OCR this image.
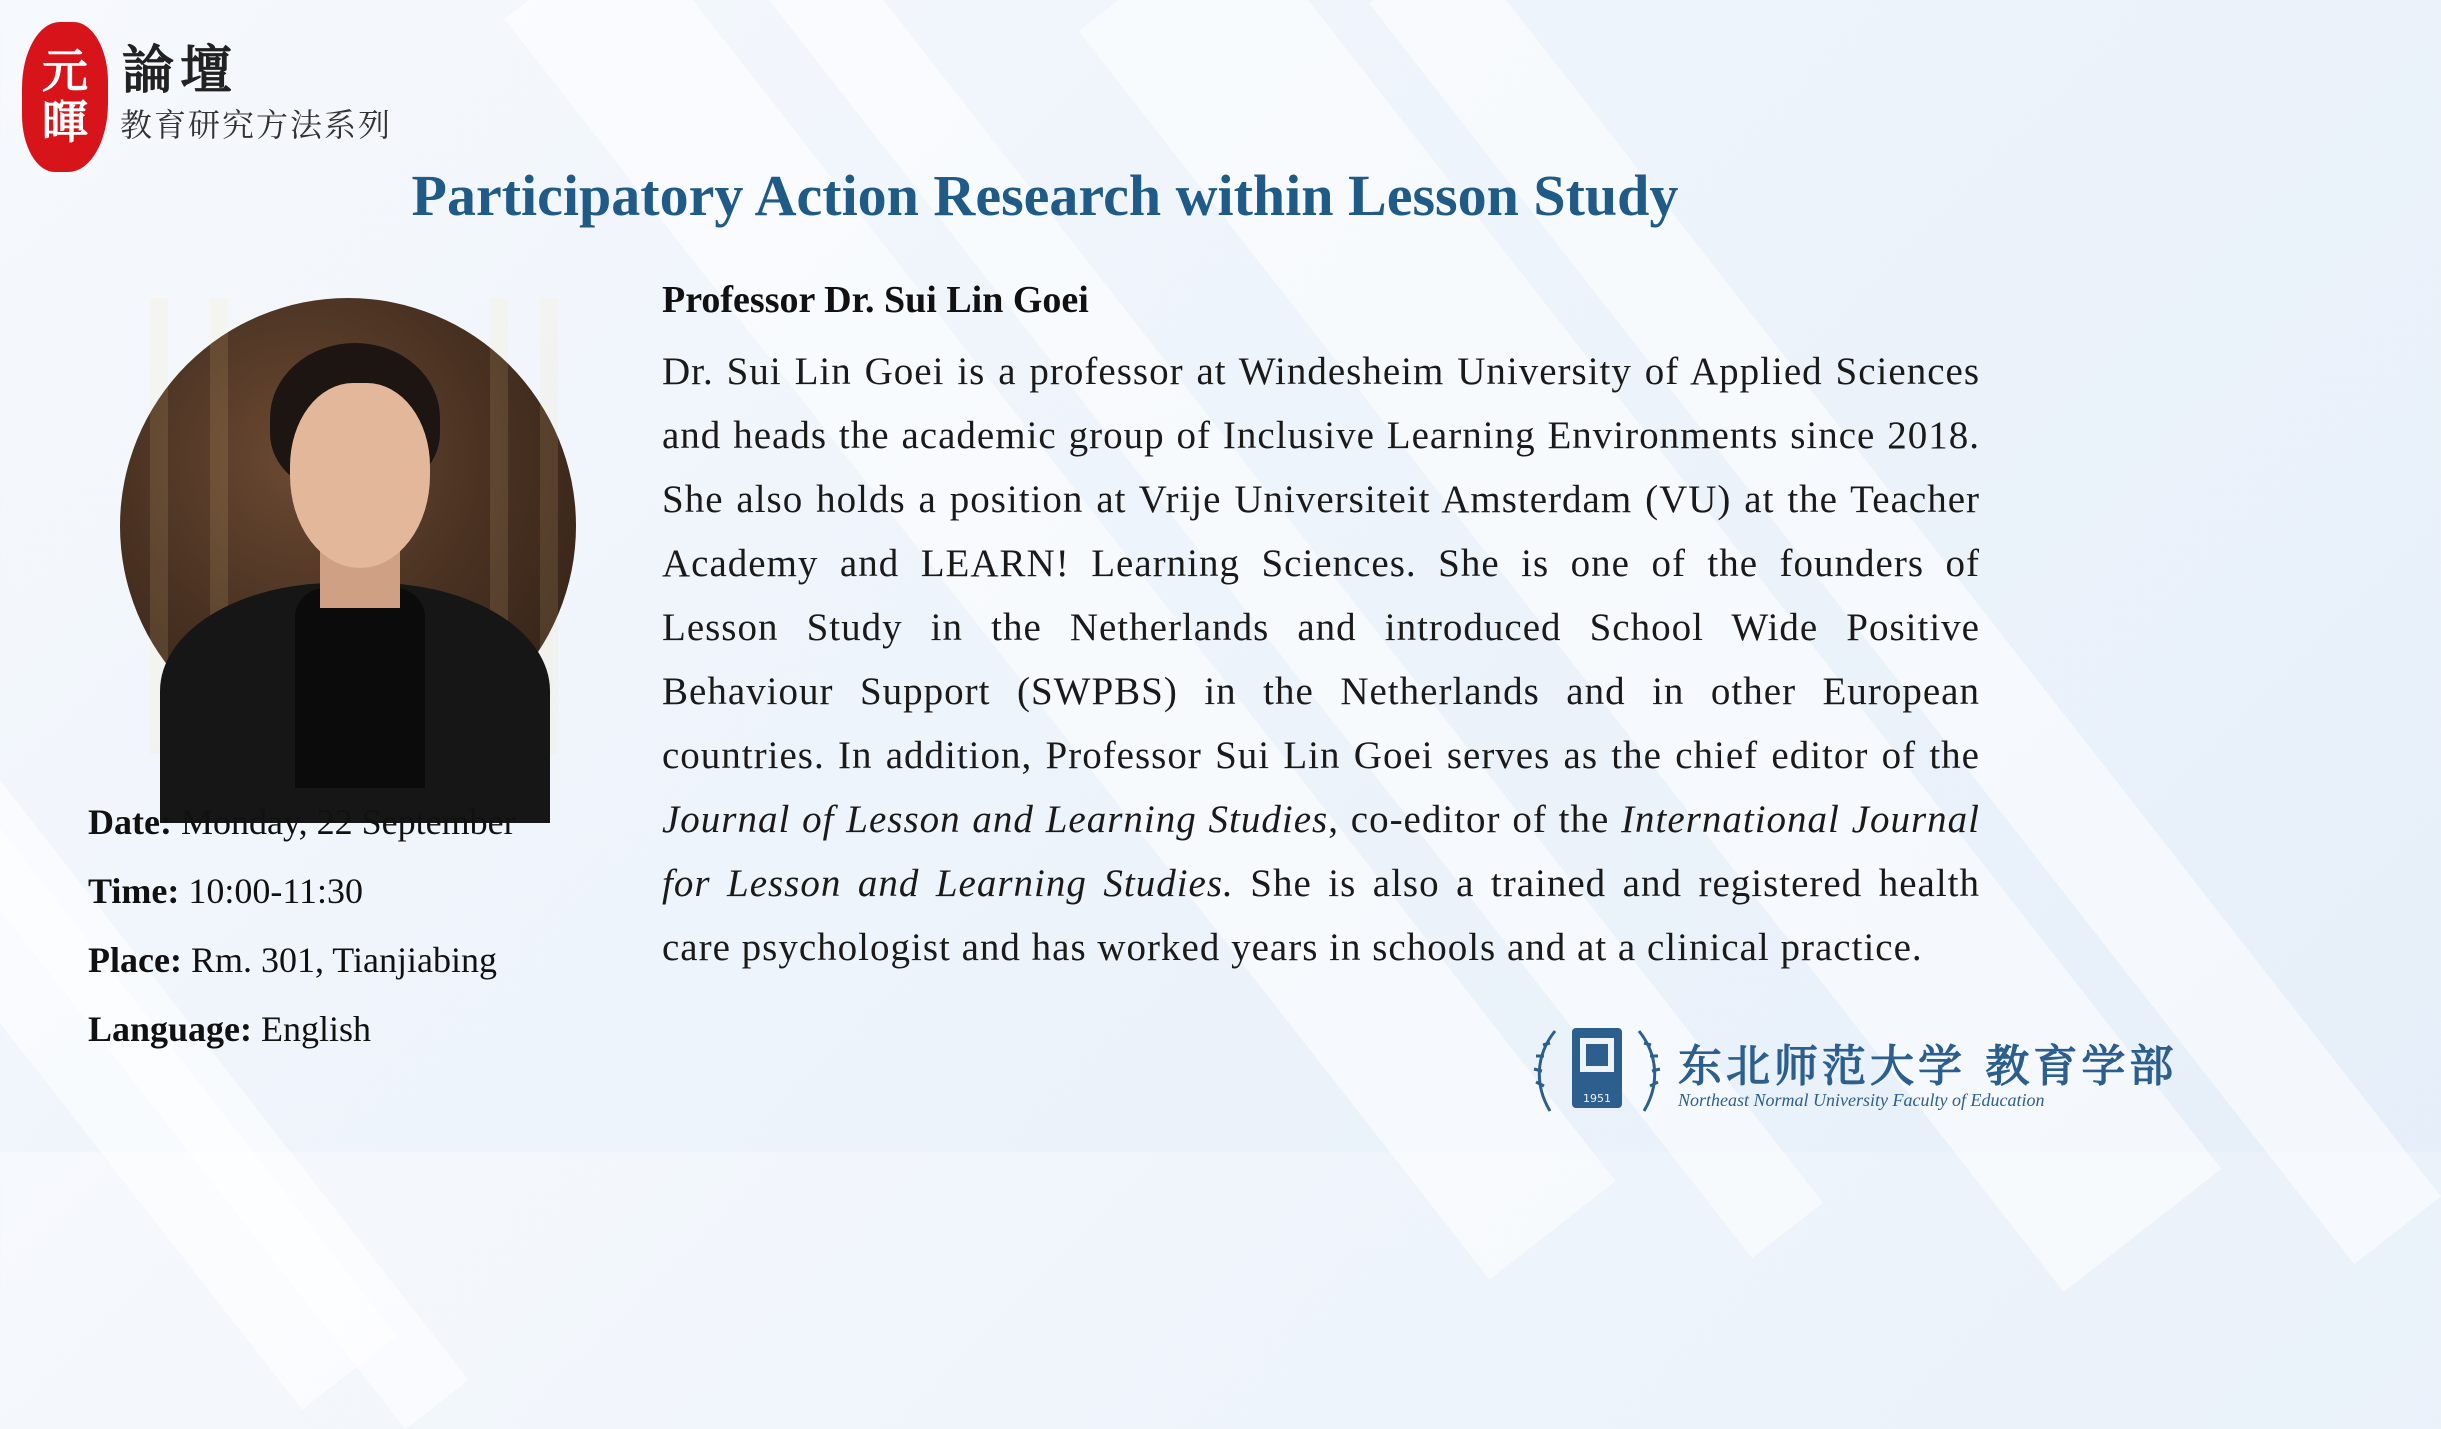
元
暉
論壇
教育研究方法系列
Participatory Action Research within Lesson Study
Date: Monday, 22 September
Time: 10:00-11:30
Place: Rm. 301, Tianjiabing
Language: English
Professor Dr. Sui Lin Goei
Dr. Sui Lin Goei is a professor at Windesheim University of Applied Sciences and heads the academic group of Inclusive Learning Environments since 2018. She also holds a position at Vrije Universiteit Amsterdam (VU) at the Teacher Academy and LEARN! Learning Sciences. She is one of the founders of Lesson Study in the Netherlands and introduced School Wide Positive Behaviour Support (SWPBS) in the Netherlands and in other European countries. In addition, Professor Sui Lin Goei serves as the chief editor of the Journal of Lesson and Learning Studies, co-editor of the International Journal for Lesson and Learning Studies. She is also a trained and registered health care psychologist and has worked years in schools and at a clinical practice.
1951
东北师范大学 教育学部
Northeast Normal University Faculty of Education
